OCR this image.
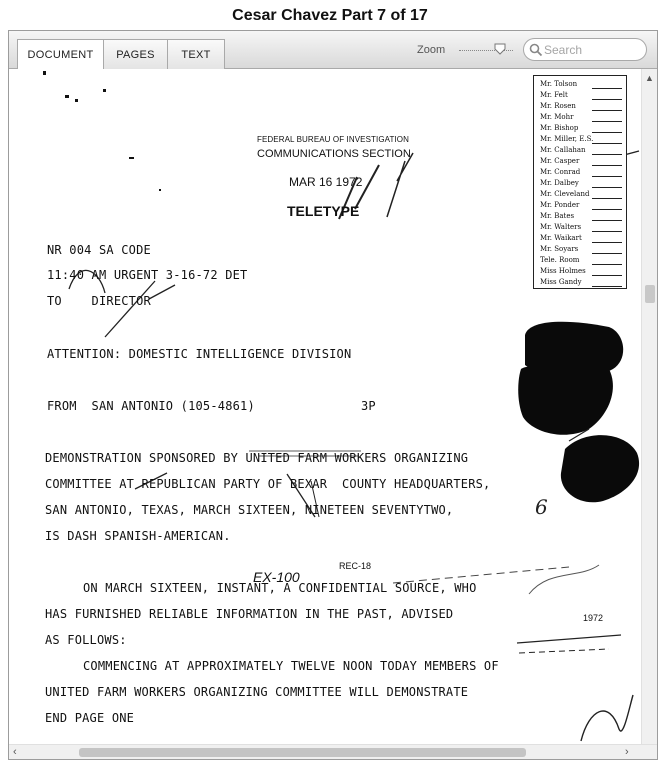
Cesar Chavez Part 7 of 17
DOCUMENT	PAGES	TEXT	Zoom
Search
FEDERAL BUREAU OF INVESTIGATION
COMMUNICATIONS SECTION
MAR 16 1972
TELETYPE
NR 004 SA CODE
11:40 AM URGENT 3-16-72 DET
TO    DIRECTOR
ATTENTION: DOMESTIC INTELLIGENCE DIVISION
FROM  SAN ANTONIO (105-4861)	3P
DEMONSTRATION SPONSORED BY UNITED FARM WORKERS ORGANIZING
COMMITTEE AT REPUBLICAN PARTY OF BEXAR  COUNTY HEADQUARTERS,
SAN ANTONIO, TEXAS, MARCH SIXTEEN, NINETEEN SEVENTYTWO,
IS DASH SPANISH-AMERICAN.
ON MARCH SIXTEEN, INSTANT, A CONFIDENTIAL SOURCE, WHO
HAS FURNISHED RELIABLE INFORMATION IN THE PAST, ADVISED
AS FOLLOWS:
COMMENCING AT APPROXIMATELY TWELVE NOON TODAY MEMBERS OF
UNITED FARM WORKERS ORGANIZING COMMITTEE WILL DEMONSTRATE
END PAGE ONE
EX-100
REC-18
1972
6
Mr. Tolson
Mr. Felt
Mr. Rosen
Mr. Mohr
Mr. Bishop
Mr. Miller, E.S.
Mr. Callahan
Mr. Casper
Mr. Conrad
Mr. Dalbey
Mr. Cleveland
Mr. Ponder
Mr. Bates
Mr. Walters
Mr. Waikart
Mr. Soyars
Tele. Room
Miss Holmes
Miss Gandy
▲
‹	›
